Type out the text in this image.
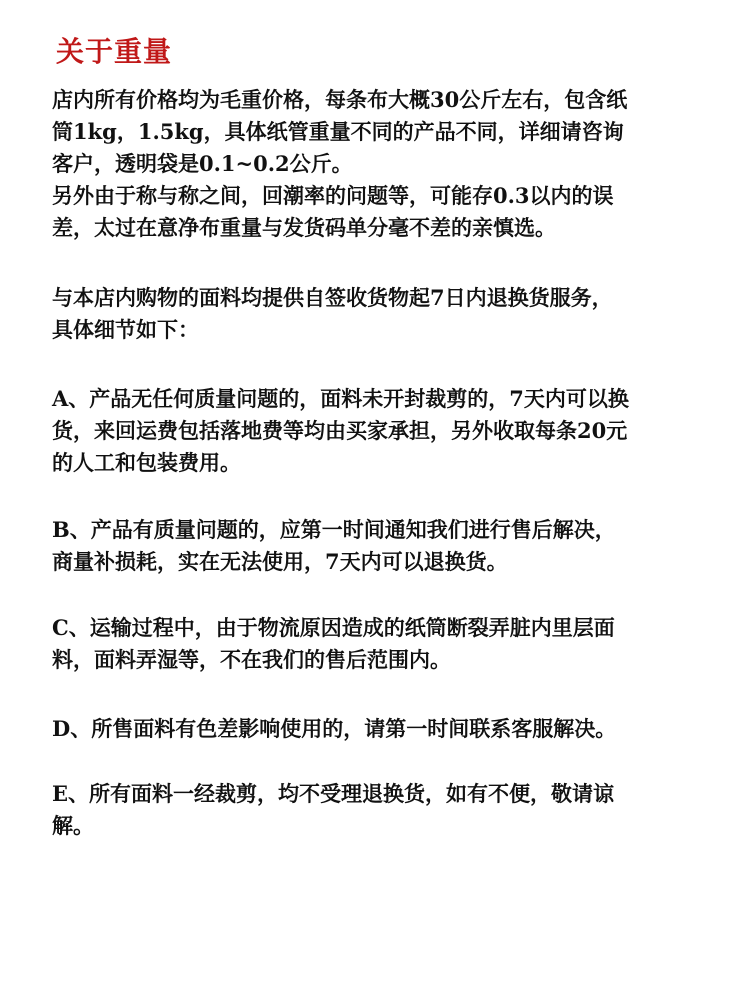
关于重量

店内所有价格均为毛重价格，每条布大概30公斤左右，包含纸
筒1kg，1.5kg，具体纸管重量不同的产品不同，详细请咨询
客户，透明袋是0.1~0.2公斤。
另外由于称与称之间，回潮率的问题等，可能存0.3以内的误
差，太过在意净布重量与发货码单分毫不差的亲慎选。

与本店内购物的面料均提供自签收货物起7日内退换货服务，
具体细节如下：

A、产品无任何质量问题的，面料未开封裁剪的，7天内可以换
货，来回运费包括落地费等均由买家承担，另外收取每条20元
的人工和包装费用。

B、产品有质量问题的，应第一时间通知我们进行售后解决，
商量补损耗，实在无法使用，7天内可以退换货。

C、运输过程中，由于物流原因造成的纸筒断裂弄脏内里层面
料，面料弄湿等，不在我们的售后范围内。

D、所售面料有色差影响使用的，请第一时间联系客服解决。

E、所有面料一经裁剪，均不受理退换货，如有不便，敬请谅
解。
